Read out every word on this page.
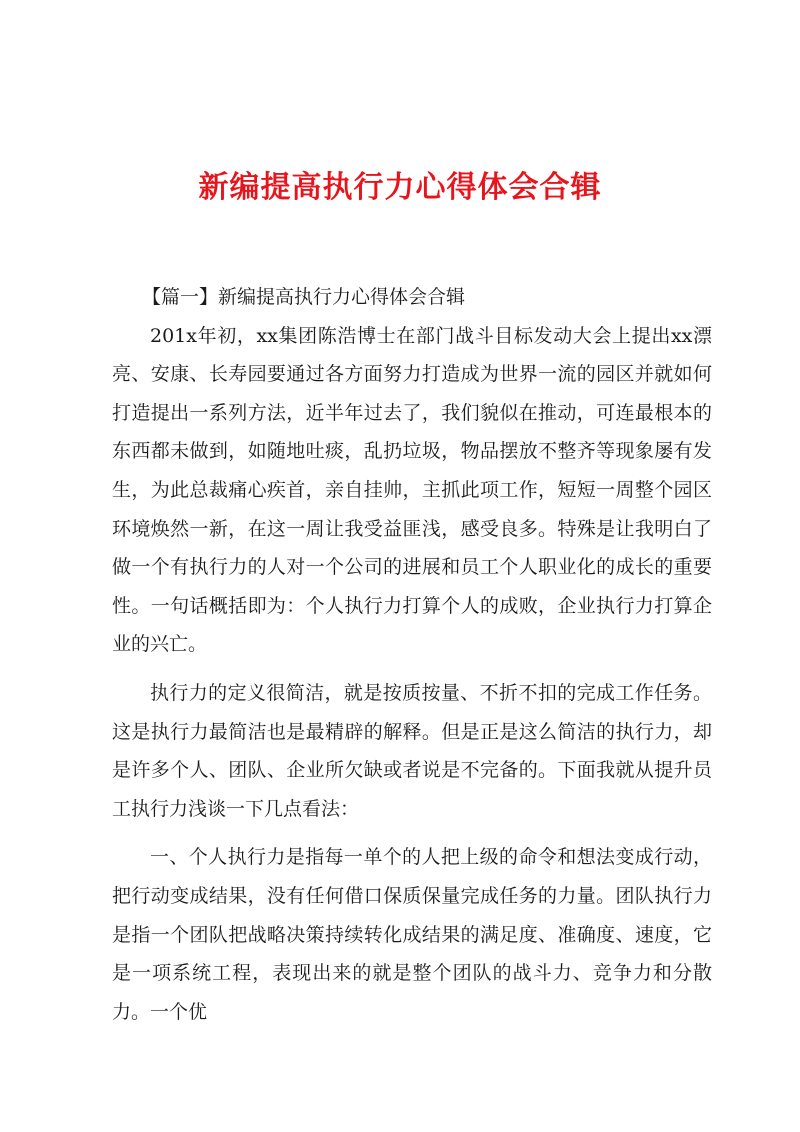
新编提高执行力心得体会合辑

【篇一】新编提高执行力心得体会合辑

201x年初，xx集团陈浩博士在部门战斗目标发动大会上提出xx漂亮、安康、长寿园要通过各方面努力打造成为世界一流的园区并就如何打造提出一系列方法，近半年过去了，我们貌似在推动，可连最根本的东西都未做到，如随地吐痰，乱扔垃圾，物品摆放不整齐等现象屡有发生，为此总裁痛心疾首，亲自挂帅，主抓此项工作，短短一周整个园区环境焕然一新，在这一周让我受益匪浅，感受良多。特殊是让我明白了做一个有执行力的人对一个公司的进展和员工个人职业化的成长的重要性。一句话概括即为：个人执行力打算个人的成败，企业执行力打算企业的兴亡。

执行力的定义很简洁，就是按质按量、不折不扣的完成工作任务。这是执行力最简洁也是最精辟的解释。但是正是这么简洁的执行力，却是许多个人、团队、企业所欠缺或者说是不完备的。下面我就从提升员工执行力浅谈一下几点看法：

一、个人执行力是指每一单个的人把上级的命令和想法变成行动，把行动变成结果，没有任何借口保质保量完成任务的力量。团队执行力是指一个团队把战略决策持续转化成结果的满足度、准确度、速度，它是一项系统工程，表现出来的就是整个团队的战斗力、竞争力和分散力。一个优
